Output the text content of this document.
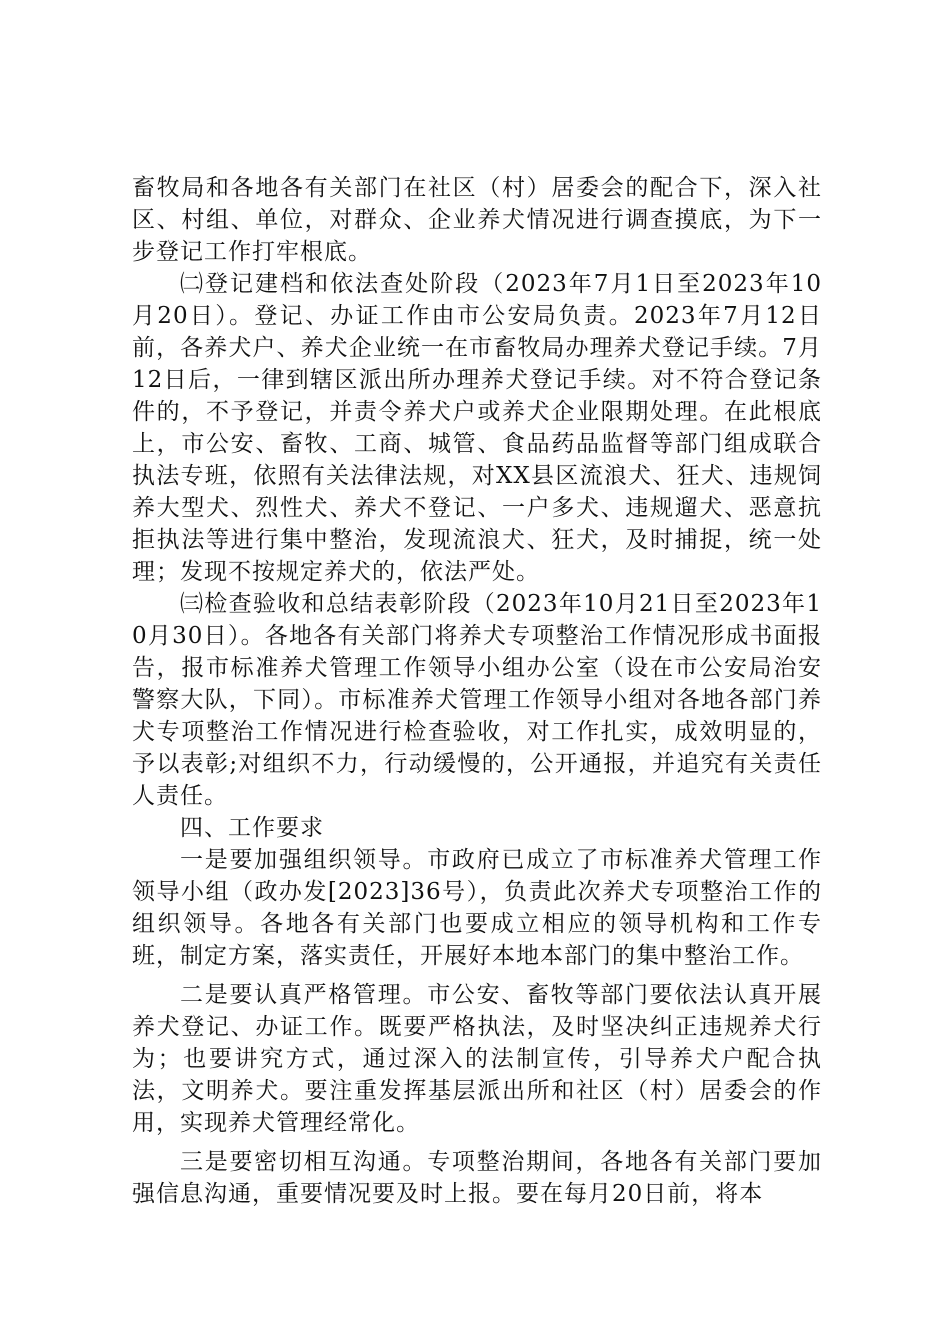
畜牧局和各地各有关部门在社区（村）居委会的配合下，深入社区、村组、单位，对群众、企业养犬情况进行调查摸底，为下一步登记工作打牢根底。

㈡登记建档和依法查处阶段（2023年7月1日至2023年10月20日）。登记、办证工作由市公安局负责。2023年7月12日前，各养犬户、养犬企业统一在市畜牧局办理养犬登记手续。7月12日后，一律到辖区派出所办理养犬登记手续。对不符合登记条件的，不予登记，并责令养犬户或养犬企业限期处理。在此根底上，市公安、畜牧、工商、城管、食品药品监督等部门组成联合执法专班，依照有关法律法规，对XX县区流浪犬、狂犬、违规饲养大型犬、烈性犬、养犬不登记、一户多犬、违规遛犬、恶意抗拒执法等进行集中整治，发现流浪犬、狂犬，及时捕捉，统一处理；发现不按规定养犬的，依法严处。

㈢检查验收和总结表彰阶段（2023年10月21日至2023年10月30日）。各地各有关部门将养犬专项整治工作情况形成书面报告，报市标准养犬管理工作领导小组办公室（设在市公安局治安警察大队，下同）。市标准养犬管理工作领导小组对各地各部门养犬专项整治工作情况进行检查验收，对工作扎实，成效明显的，予以表彰;对组织不力，行动缓慢的，公开通报，并追究有关责任人责任。

四、工作要求

一是要加强组织领导。市政府已成立了市标准养犬管理工作领导小组（政办发[2023]36号），负责此次养犬专项整治工作的组织领导。各地各有关部门也要成立相应的领导机构和工作专班，制定方案，落实责任，开展好本地本部门的集中整治工作。

二是要认真严格管理。市公安、畜牧等部门要依法认真开展养犬登记、办证工作。既要严格执法，及时坚决纠正违规养犬行为；也要讲究方式，通过深入的法制宣传，引导养犬户配合执法，文明养犬。要注重发挥基层派出所和社区（村）居委会的作用，实现养犬管理经常化。

三是要密切相互沟通。专项整治期间，各地各有关部门要加强信息沟通，重要情况要及时上报。要在每月20日前，将本
